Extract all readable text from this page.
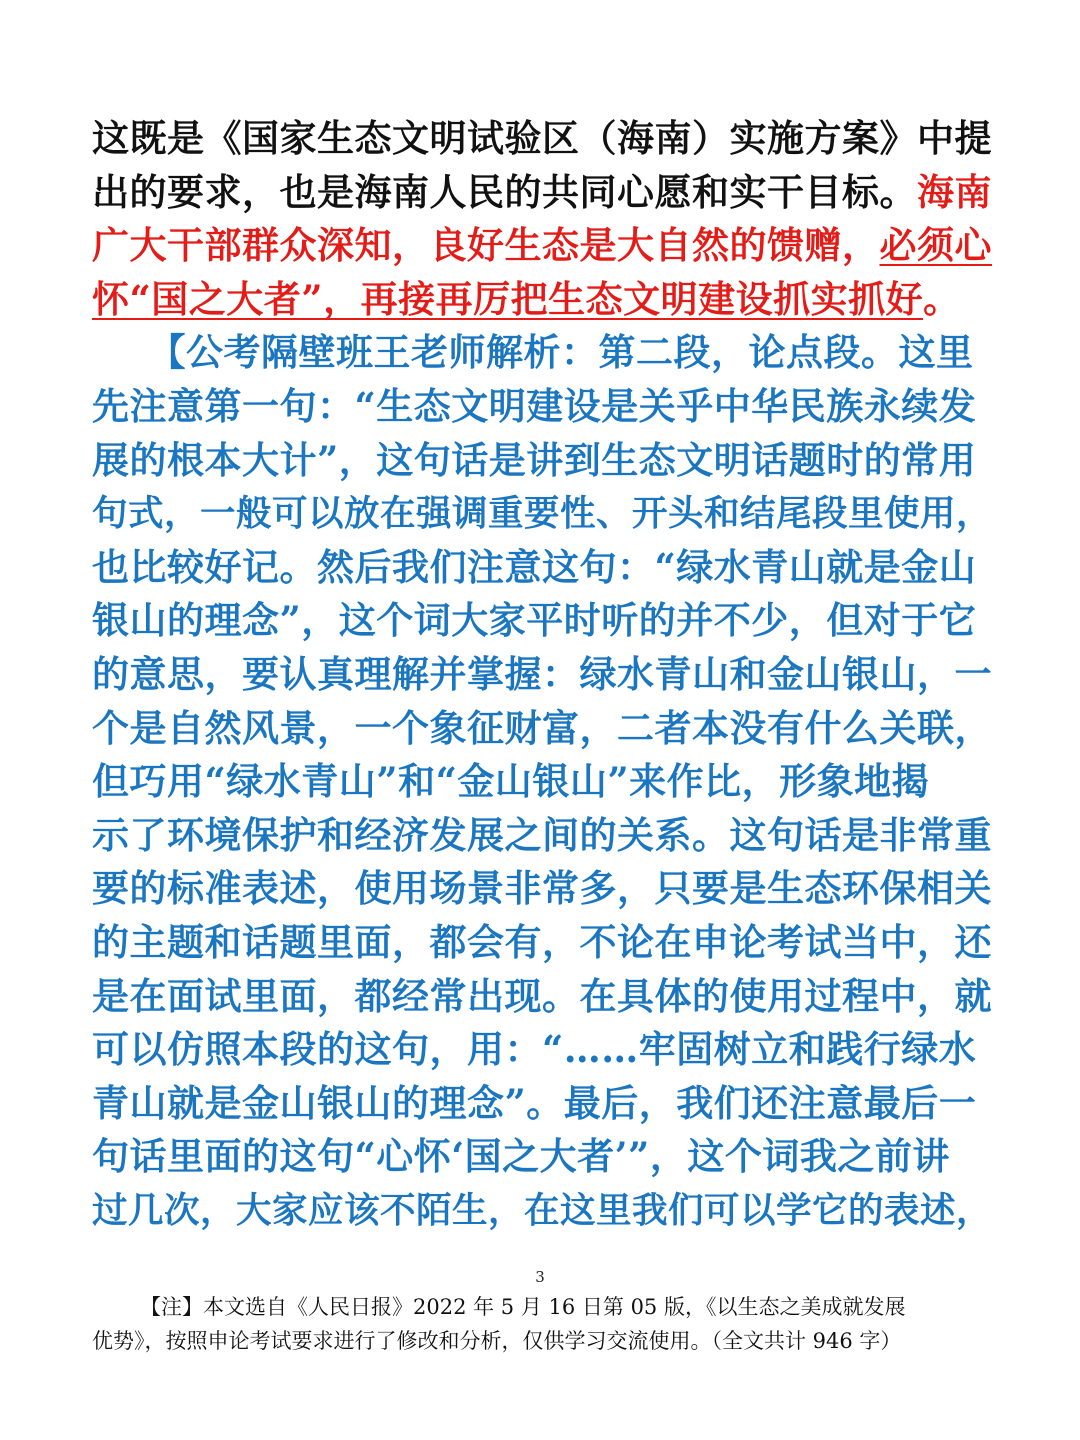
这既是《国家生态文明试验区（海南）实施方案》中提
出的要求，也是海南人民的共同心愿和实干目标。海南
广大干部群众深知，良好生态是大自然的馈赠，必须心
怀“国之大者”，再接再厉把生态文明建设抓实抓好。
　　【公考隔壁班王老师解析：第二段，论点段。这里
先注意第一句：“生态文明建设是关乎中华民族永续发
展的根本大计”，这句话是讲到生态文明话题时的常用
句式，一般可以放在强调重要性、开头和结尾段里使用，
也比较好记。然后我们注意这句：“绿水青山就是金山
银山的理念”，这个词大家平时听的并不少，但对于它
的意思，要认真理解并掌握：绿水青山和金山银山，一
个是自然风景，一个象征财富，二者本没有什么关联，
但巧用“绿水青山”和“金山银山”来作比，形象地揭
示了环境保护和经济发展之间的关系。这句话是非常重
要的标准表述，使用场景非常多，只要是生态环保相关
的主题和话题里面，都会有，不论在申论考试当中，还
是在面试里面，都经常出现。在具体的使用过程中，就
可以仿照本段的这句，用：“……牢固树立和践行绿水
青山就是金山银山的理念”。最后，我们还注意最后一
句话里面的这句“心怀‘国之大者’”，这个词我之前讲
过几次，大家应该不陌生，在这里我们可以学它的表述，
3
【注】本文选自《人民日报》2022 年 5 月 16 日第 05 版，《以生态之美成就发展
优势》，按照申论考试要求进行了修改和分析，仅供学习交流使用。（全文共计 946 字）
